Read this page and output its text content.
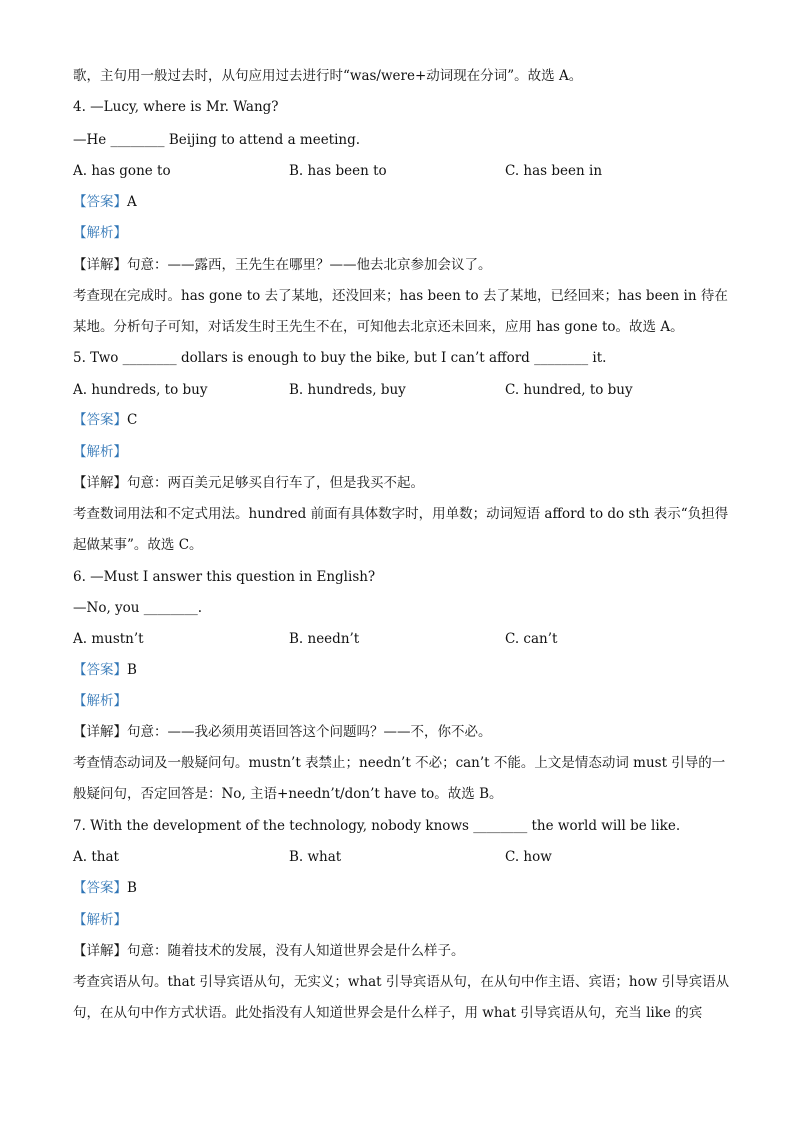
歌，主句用一般过去时，从句应用过去进行时“was/were+动词现在分词”。故选 A。
4. —Lucy, where is Mr. Wang?
—He ________ Beijing to attend a meeting.
A. has gone to	B. has been to	C. has been in
【答案】A
【解析】
【详解】句意：——露西，王先生在哪里？——他去北京参加会议了。
考查现在完成时。has gone to 去了某地，还没回来；has been to 去了某地，已经回来；has been in 待在某地。分析句子可知，对话发生时王先生不在，可知他去北京还未回来，应用 has gone to。故选 A。
5. Two ________ dollars is enough to buy the bike, but I can’t afford ________ it.
A. hundreds, to buy	B. hundreds, buy	C. hundred, to buy
【答案】C
【解析】
【详解】句意：两百美元足够买自行车了，但是我买不起。
考查数词用法和不定式用法。hundred 前面有具体数字时，用单数；动词短语 afford to do sth 表示“负担得起做某事”。故选 C。
6. —Must I answer this question in English?
—No, you ________.
A. mustn’t	B. needn’t	C. can’t
【答案】B
【解析】
【详解】句意：——我必须用英语回答这个问题吗？——不，你不必。
考查情态动词及一般疑问句。mustn’t 表禁止；needn’t 不必；can’t 不能。上文是情态动词 must 引导的一般疑问句，否定回答是：No, 主语+needn’t/don’t have to。故选 B。
7. With the development of the technology, nobody knows ________ the world will be like.
A. that	B. what	C. how
【答案】B
【解析】
【详解】句意：随着技术的发展，没有人知道世界会是什么样子。
考查宾语从句。that 引导宾语从句，无实义；what 引导宾语从句，在从句中作主语、宾语；how 引导宾语从句，在从句中作方式状语。此处指没有人知道世界会是什么样子，用 what 引导宾语从句，充当 like 的宾
